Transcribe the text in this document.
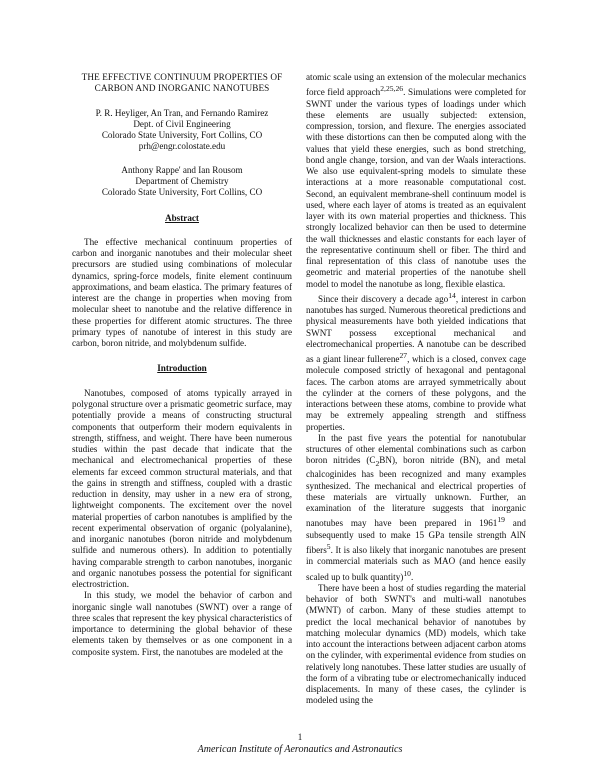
THE EFFECTIVE CONTINUUM PROPERTIES OF CARBON AND INORGANIC NANOTUBES
P. R. Heyliger, An Tran, and Fernando Ramirez
Dept. of Civil Engineering
Colorado State University, Fort Collins, CO
prh@engr.colostate.edu
Anthony Rappe' and Ian Rousom
Department of Chemistry
Colorado State University, Fort Collins, CO
Abstract

The effective mechanical continuum properties of carbon and inorganic nanotubes and their molecular sheet precursors are studied using combinations of molecular dynamics, spring-force models, finite element continuum approximations, and beam elastica. The primary features of interest are the change in properties when moving from molecular sheet to nanotube and the relative difference in these properties for different atomic structures. The three primary types of nanotube of interest in this study are carbon, boron nitride, and molybdenum sulfide.

Introduction

Nanotubes, composed of atoms typically arrayed in polygonal structure over a prismatic geometric surface, may potentially provide a means of constructing structural components that outperform their modern equivalents in strength, stiffness, and weight. There have been numerous studies within the past decade that indicate that the mechanical and electromechanical properties of these elements far exceed common structural materials, and that the gains in strength and stiffness, coupled with a drastic reduction in density, may usher in a new era of strong, lightweight components. The excitement over the novel material properties of carbon nanotubes is amplified by the recent experimental observation of organic (polyalanine), and inorganic nanotubes (boron nitride and molybdenum sulfide and numerous others). In addition to potentially having comparable strength to carbon nanotubes, inorganic and organic nanotubes possess the potential for significant electrostriction.

In this study, we model the behavior of carbon and inorganic single wall nanotubes (SWNT) over a range of three scales that represent the key physical characteristics of importance to determining the global behavior of these elements taken by themselves or as one component in a composite system. First, the nanotubes are modeled at the

atomic scale using an extension of the molecular mechanics force field approach$^{2,25,26}$. Simulations were completed for SWNT under the various types of loadings under which these elements are usually subjected: extension, compression, torsion, and flexure. The energies associated with these distortions can then be computed along with the values that yield these energies, such as bond stretching, bond angle change, torsion, and van der Waals interactions. We also use equivalent-spring models to simulate these interactions at a more reasonable computational cost. Second, an equivalent membrane-shell continuum model is used, where each layer of atoms is treated as an equivalent layer with its own material properties and thickness. This strongly localized behavior can then be used to determine the wall thicknesses and elastic constants for each layer of the representative continuum shell or fiber. The third and final representation of this class of nanotube uses the geometric and material properties of the nanotube shell model to model the nanotube as long, flexible elastica.

Since their discovery a decade ago$^{14}$, interest in carbon nanotubes has surged. Numerous theoretical predictions and physical measurements have both yielded indications that SWNT possess exceptional mechanical and electromechanical properties. A nanotube can be described as a giant linear fullerene$^{27}$, which is a closed, convex cage molecule composed strictly of hexagonal and pentagonal faces. The carbon atoms are arrayed symmetrically about the cylinder at the corners of these polygons, and the interactions between these atoms, combine to provide what may be extremely appealing strength and stiffness properties.

In the past five years the potential for nanotubular structures of other elemental combinations such as carbon boron nitrides $(C_2BN)$, boron nitride (BN), and metal chalcoginides has been recognized and many examples synthesized. The mechanical and electrical properties of these materials are virtually unknown. Further, an examination of the literature suggests that inorganic nanotubes may have been prepared in 1961$^{19}$ and subsequently used to make 15 GPa tensile strength AlN fibers$^5$. It is also likely that inorganic nanotubes are present in commercial materials such as MAO (and hence easily scaled up to bulk quantity)$^{10}$.

There have been a host of studies regarding the material behavior of both SWNT's and multi-wall nanotubes (MWNT) of carbon. Many of these studies attempt to predict the local mechanical behavior of nanotubes by matching molecular dynamics (MD) models, which take into account the interactions between adjacent carbon atoms on the cylinder, with experimental evidence from studies on relatively long nanotubes. These latter studies are usually of the form of a vibrating tube or electromechanically induced displacements. In many of these cases, the cylinder is modeled using the

1
American Institute of Aeronautics and Astronautics
